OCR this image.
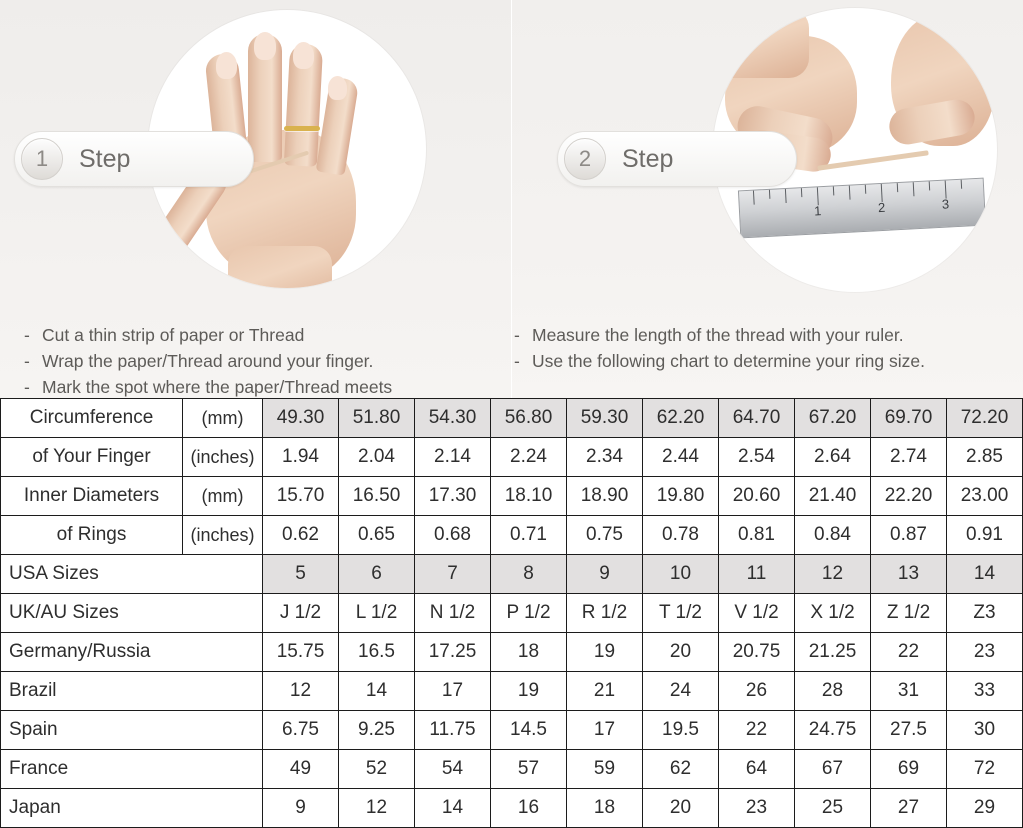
1	Step
- Cut a thin strip of paper or Thread
- Wrap the paper/Thread around your finger.
- Mark the spot where the paper/Thread meets
1	2	3
2	Step
- Measure the length of the thread with your ruler.
- Use the following chart to determine your ring size.
Circumference	(mm)	49.30	51.80	54.30	56.80	59.30	62.20	64.70	67.20	69.70	72.20
of Your Finger	(inches)	1.94	2.04	2.14	2.24	2.34	2.44	2.54	2.64	2.74	2.85
Inner Diameters	(mm)	15.70	16.50	17.30	18.10	18.90	19.80	20.60	21.40	22.20	23.00
of Rings	(inches)	0.62	0.65	0.68	0.71	0.75	0.78	0.81	0.84	0.87	0.91
USA Sizes		5	6	7	8	9	10	11	12	13	14
UK/AU Sizes		J 1/2	L 1/2	N 1/2	P 1/2	R 1/2	T 1/2	V 1/2	X 1/2	Z 1/2	Z3
Germany/Russia		15.75	16.5	17.25	18	19	20	20.75	21.25	22	23
Brazil		12	14	17	19	21	24	26	28	31	33
Spain		6.75	9.25	11.75	14.5	17	19.5	22	24.75	27.5	30
France		49	52	54	57	59	62	64	67	69	72
Japan		9	12	14	16	18	20	23	25	27	29
